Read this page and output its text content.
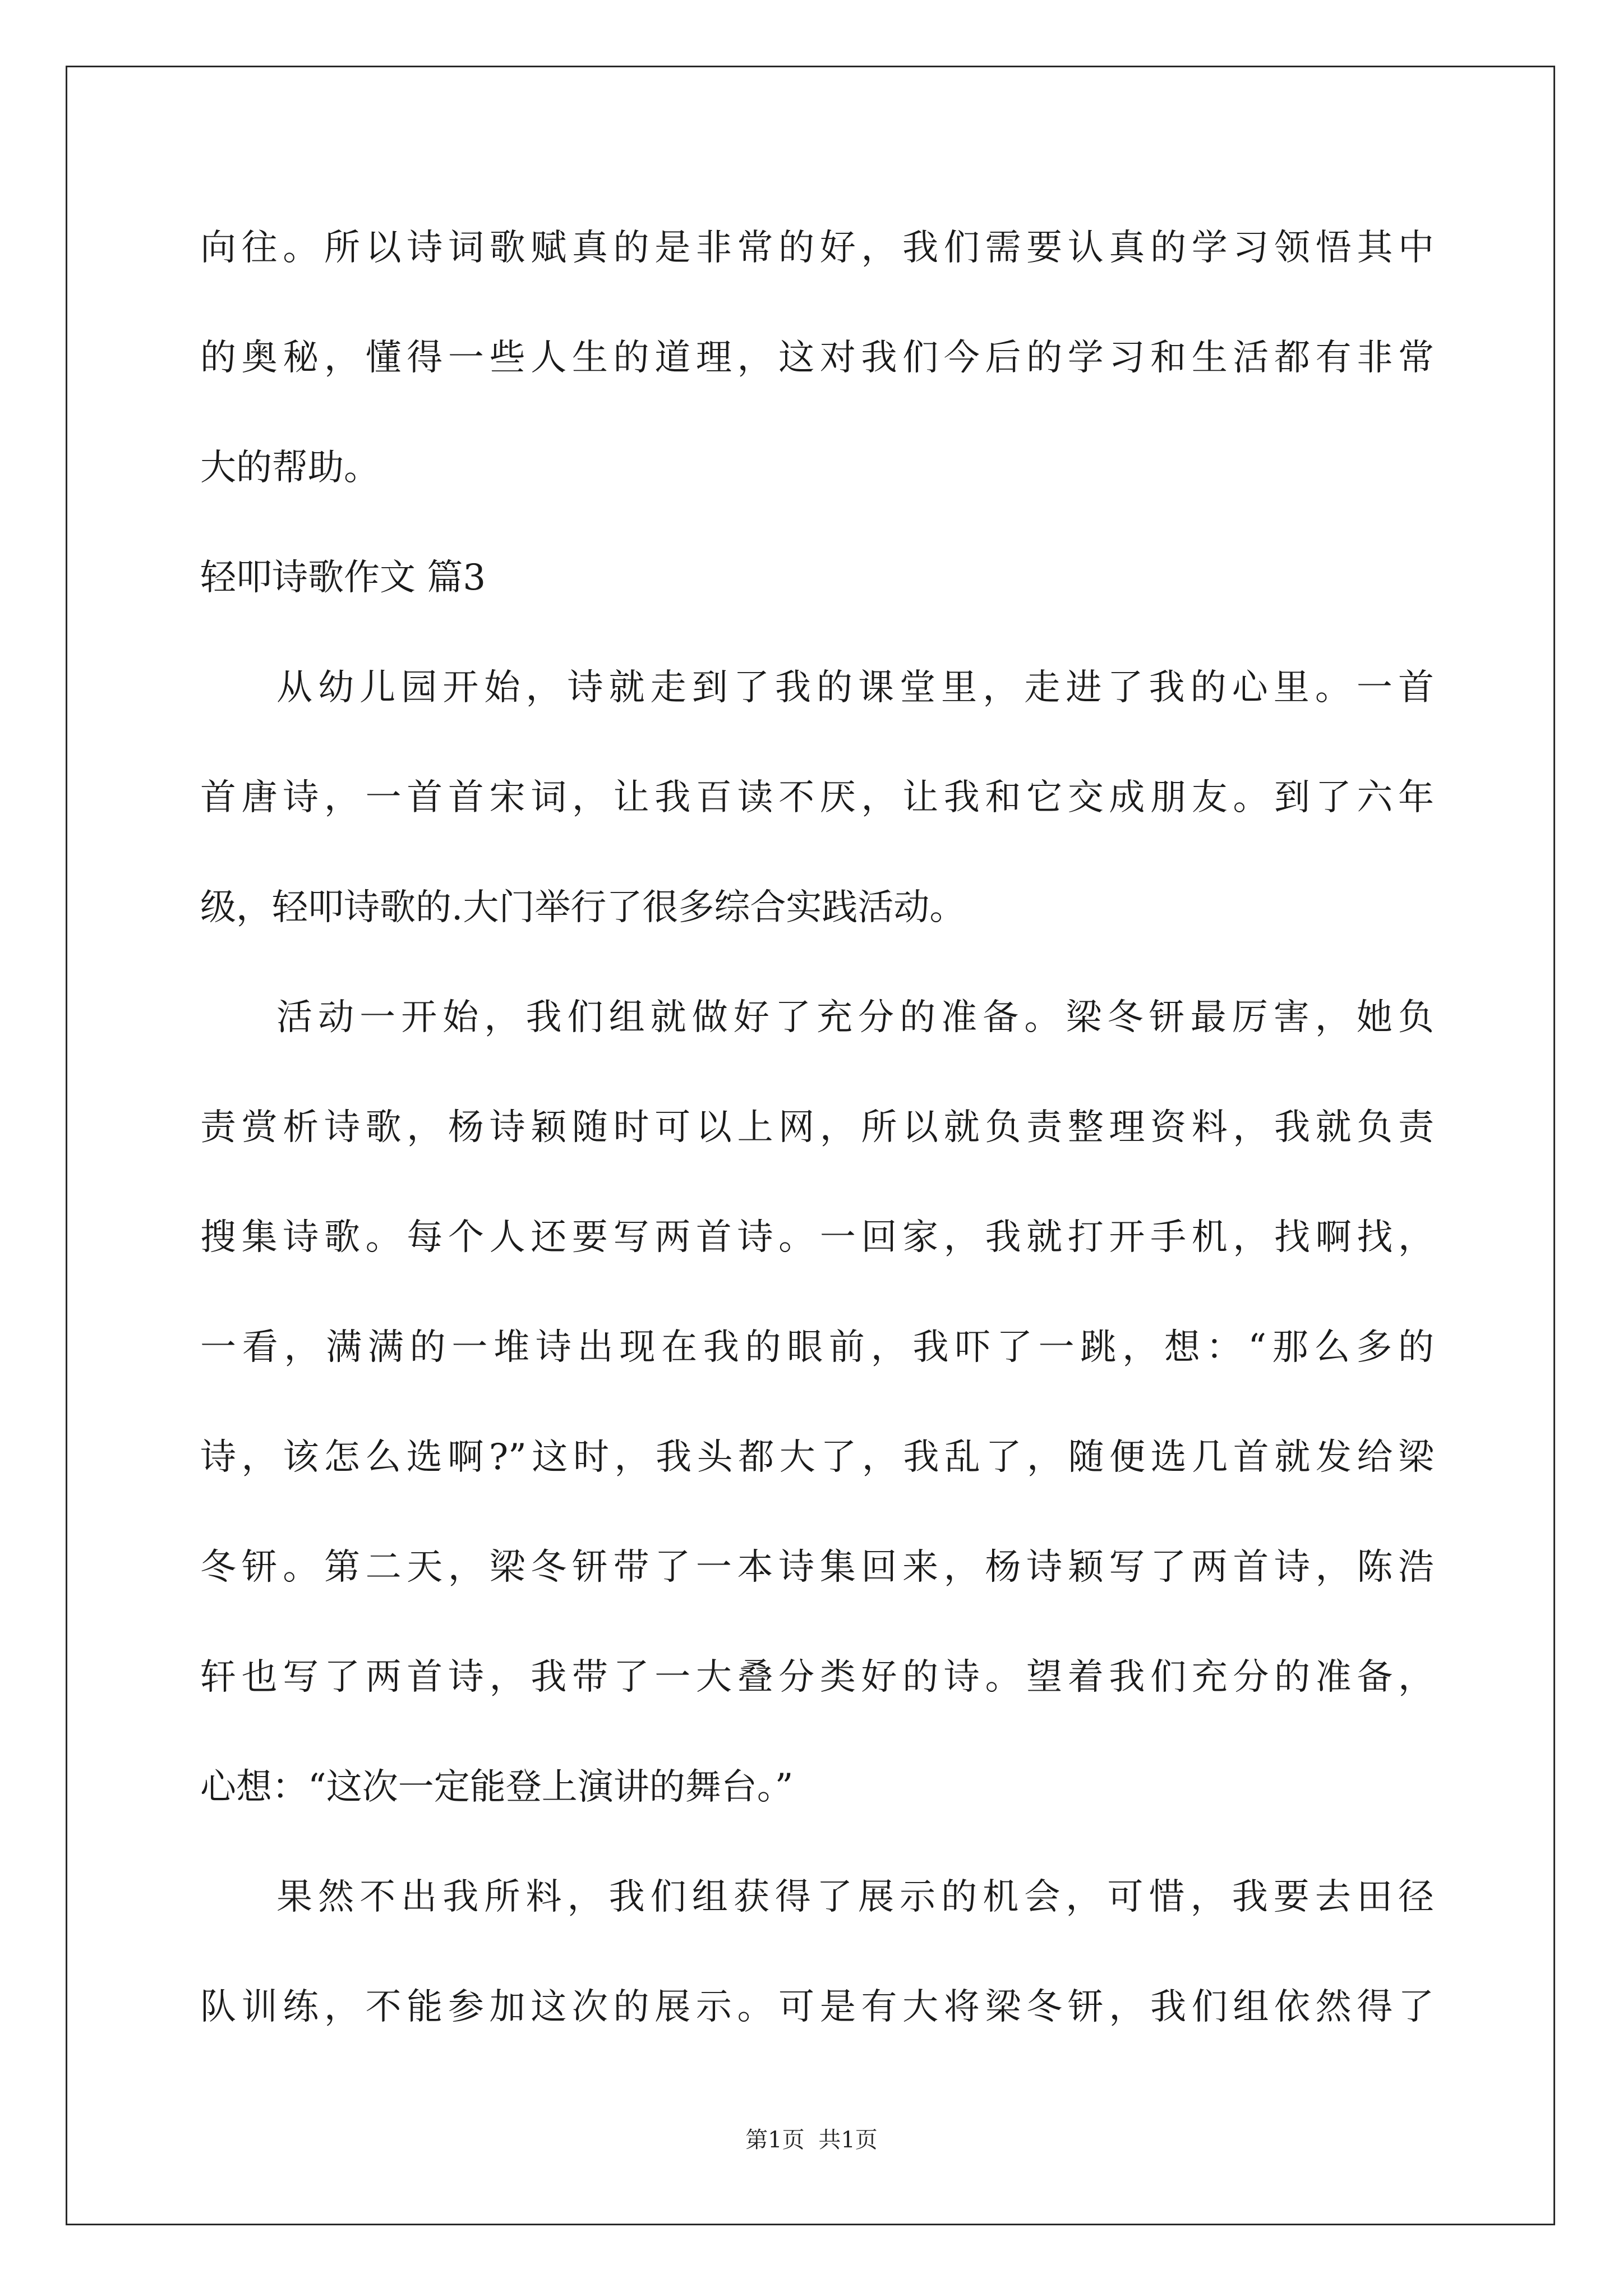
向往。所以诗词歌赋真的是非常的好，我们需要认真的学习领悟其中
的奥秘，懂得一些人生的道理，这对我们今后的学习和生活都有非常
大的帮助。
轻叩诗歌作文 篇3
从幼儿园开始，诗就走到了我的课堂里，走进了我的心里。一首
首唐诗，一首首宋词，让我百读不厌，让我和它交成朋友。到了六年
级，轻叩诗歌的.大门举行了很多综合实践活动。
活动一开始，我们组就做好了充分的准备。梁冬钘最厉害，她负
责赏析诗歌，杨诗颖随时可以上网，所以就负责整理资料，我就负责
搜集诗歌。每个人还要写两首诗。一回家，我就打开手机，找啊找，
一看，满满的一堆诗出现在我的眼前，我吓了一跳，想：“那么多的
诗，该怎么选啊?”这时，我头都大了，我乱了，随便选几首就发给梁
冬钘。第二天，梁冬钘带了一本诗集回来，杨诗颖写了两首诗，陈浩
轩也写了两首诗，我带了一大叠分类好的诗。望着我们充分的准备，
心想：“这次一定能登上演讲的舞台。”
果然不出我所料，我们组获得了展示的机会，可惜，我要去田径
队训练，不能参加这次的展示。可是有大将梁冬钘，我们组依然得了
第1页 共1页
